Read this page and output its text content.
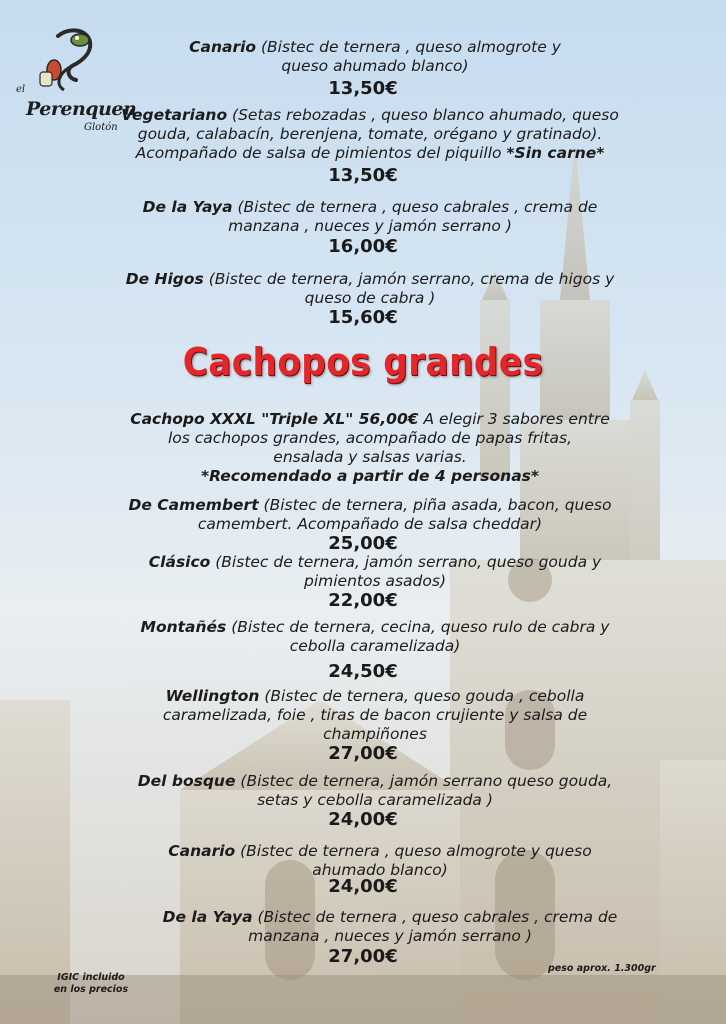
el
Perenquen
Glotón
Canario (Bistec de ternera , queso almogrote y
queso ahumado blanco)
13,50€
Vegetariano (Setas rebozadas , queso blanco ahumado, queso
gouda, calabacín, berenjena, tomate, orégano y gratinado).
Acompañado de salsa de pimientos del piquillo *Sin carne*
13,50€
De la Yaya (Bistec de ternera , queso cabrales , crema de
manzana , nueces y jamón serrano )
16,00€
De Higos (Bistec de ternera, jamón serrano, crema de higos y
queso de cabra )
15,60€
Cachopos grandes
Cachopo XXXL "Triple XL" 56,00€ A elegir 3 sabores entre
los cachopos grandes, acompañado de papas fritas,
ensalada y salsas varias.
*Recomendado a partir de 4 personas*
De Camembert (Bistec de ternera, piña asada, bacon, queso
camembert. Acompañado de salsa cheddar)
25,00€
Clásico (Bistec de ternera, jamón serrano, queso gouda y
pimientos asados)
22,00€
Montañés (Bistec de ternera, cecina, queso rulo de cabra y
cebolla caramelizada)
24,50€
Wellington (Bistec de ternera, queso gouda , cebolla
caramelizada, foie , tiras de bacon crujiente y salsa de
champiñones
27,00€
Del bosque (Bistec de ternera, jamón serrano queso gouda,
setas y cebolla caramelizada )
24,00€
Canario (Bistec de ternera , queso almogrote y queso
ahumado blanco)
24,00€
De la Yaya (Bistec de ternera , queso cabrales , crema de
manzana , nueces y jamón serrano )
27,00€
IGIC incluido
en los precios
peso aprox. 1.300gr
